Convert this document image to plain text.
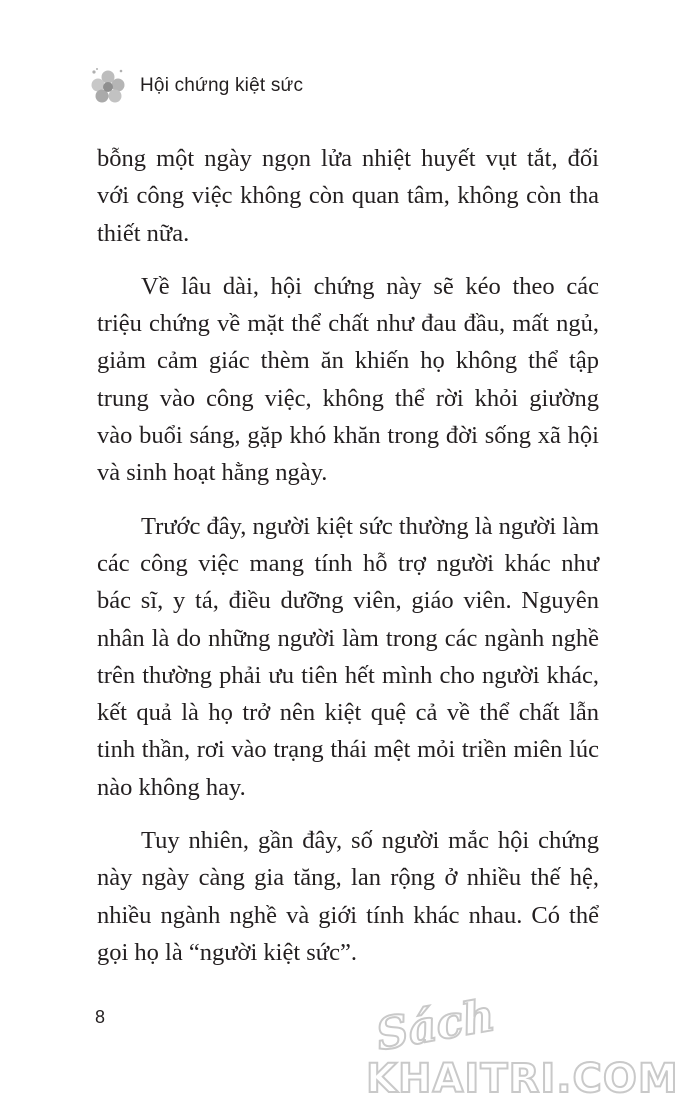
Hội chứng kiệt sức

bỗng một ngày ngọn lửa nhiệt huyết vụt tắt, đối với công việc không còn quan tâm, không còn tha thiết nữa.

Về lâu dài, hội chứng này sẽ kéo theo các triệu chứng về mặt thể chất như đau đầu, mất ngủ, giảm cảm giác thèm ăn khiến họ không thể tập trung vào công việc, không thể rời khỏi giường vào buổi sáng, gặp khó khăn trong đời sống xã hội và sinh hoạt hằng ngày.

Trước đây, người kiệt sức thường là người làm các công việc mang tính hỗ trợ người khác như bác sĩ, y tá, điều dưỡng viên, giáo viên. Nguyên nhân là do những người làm trong các ngành nghề trên thường phải ưu tiên hết mình cho người khác, kết quả là họ trở nên kiệt quệ cả về thể chất lẫn tinh thần, rơi vào trạng thái mệt mỏi triền miên lúc nào không hay.

Tuy nhiên, gần đây, số người mắc hội chứng này ngày càng gia tăng, lan rộng ở nhiều thế hệ, nhiều ngành nghề và giới tính khác nhau. Có thể gọi họ là “người kiệt sức”.

8	Sách
KHAITRI.COM
